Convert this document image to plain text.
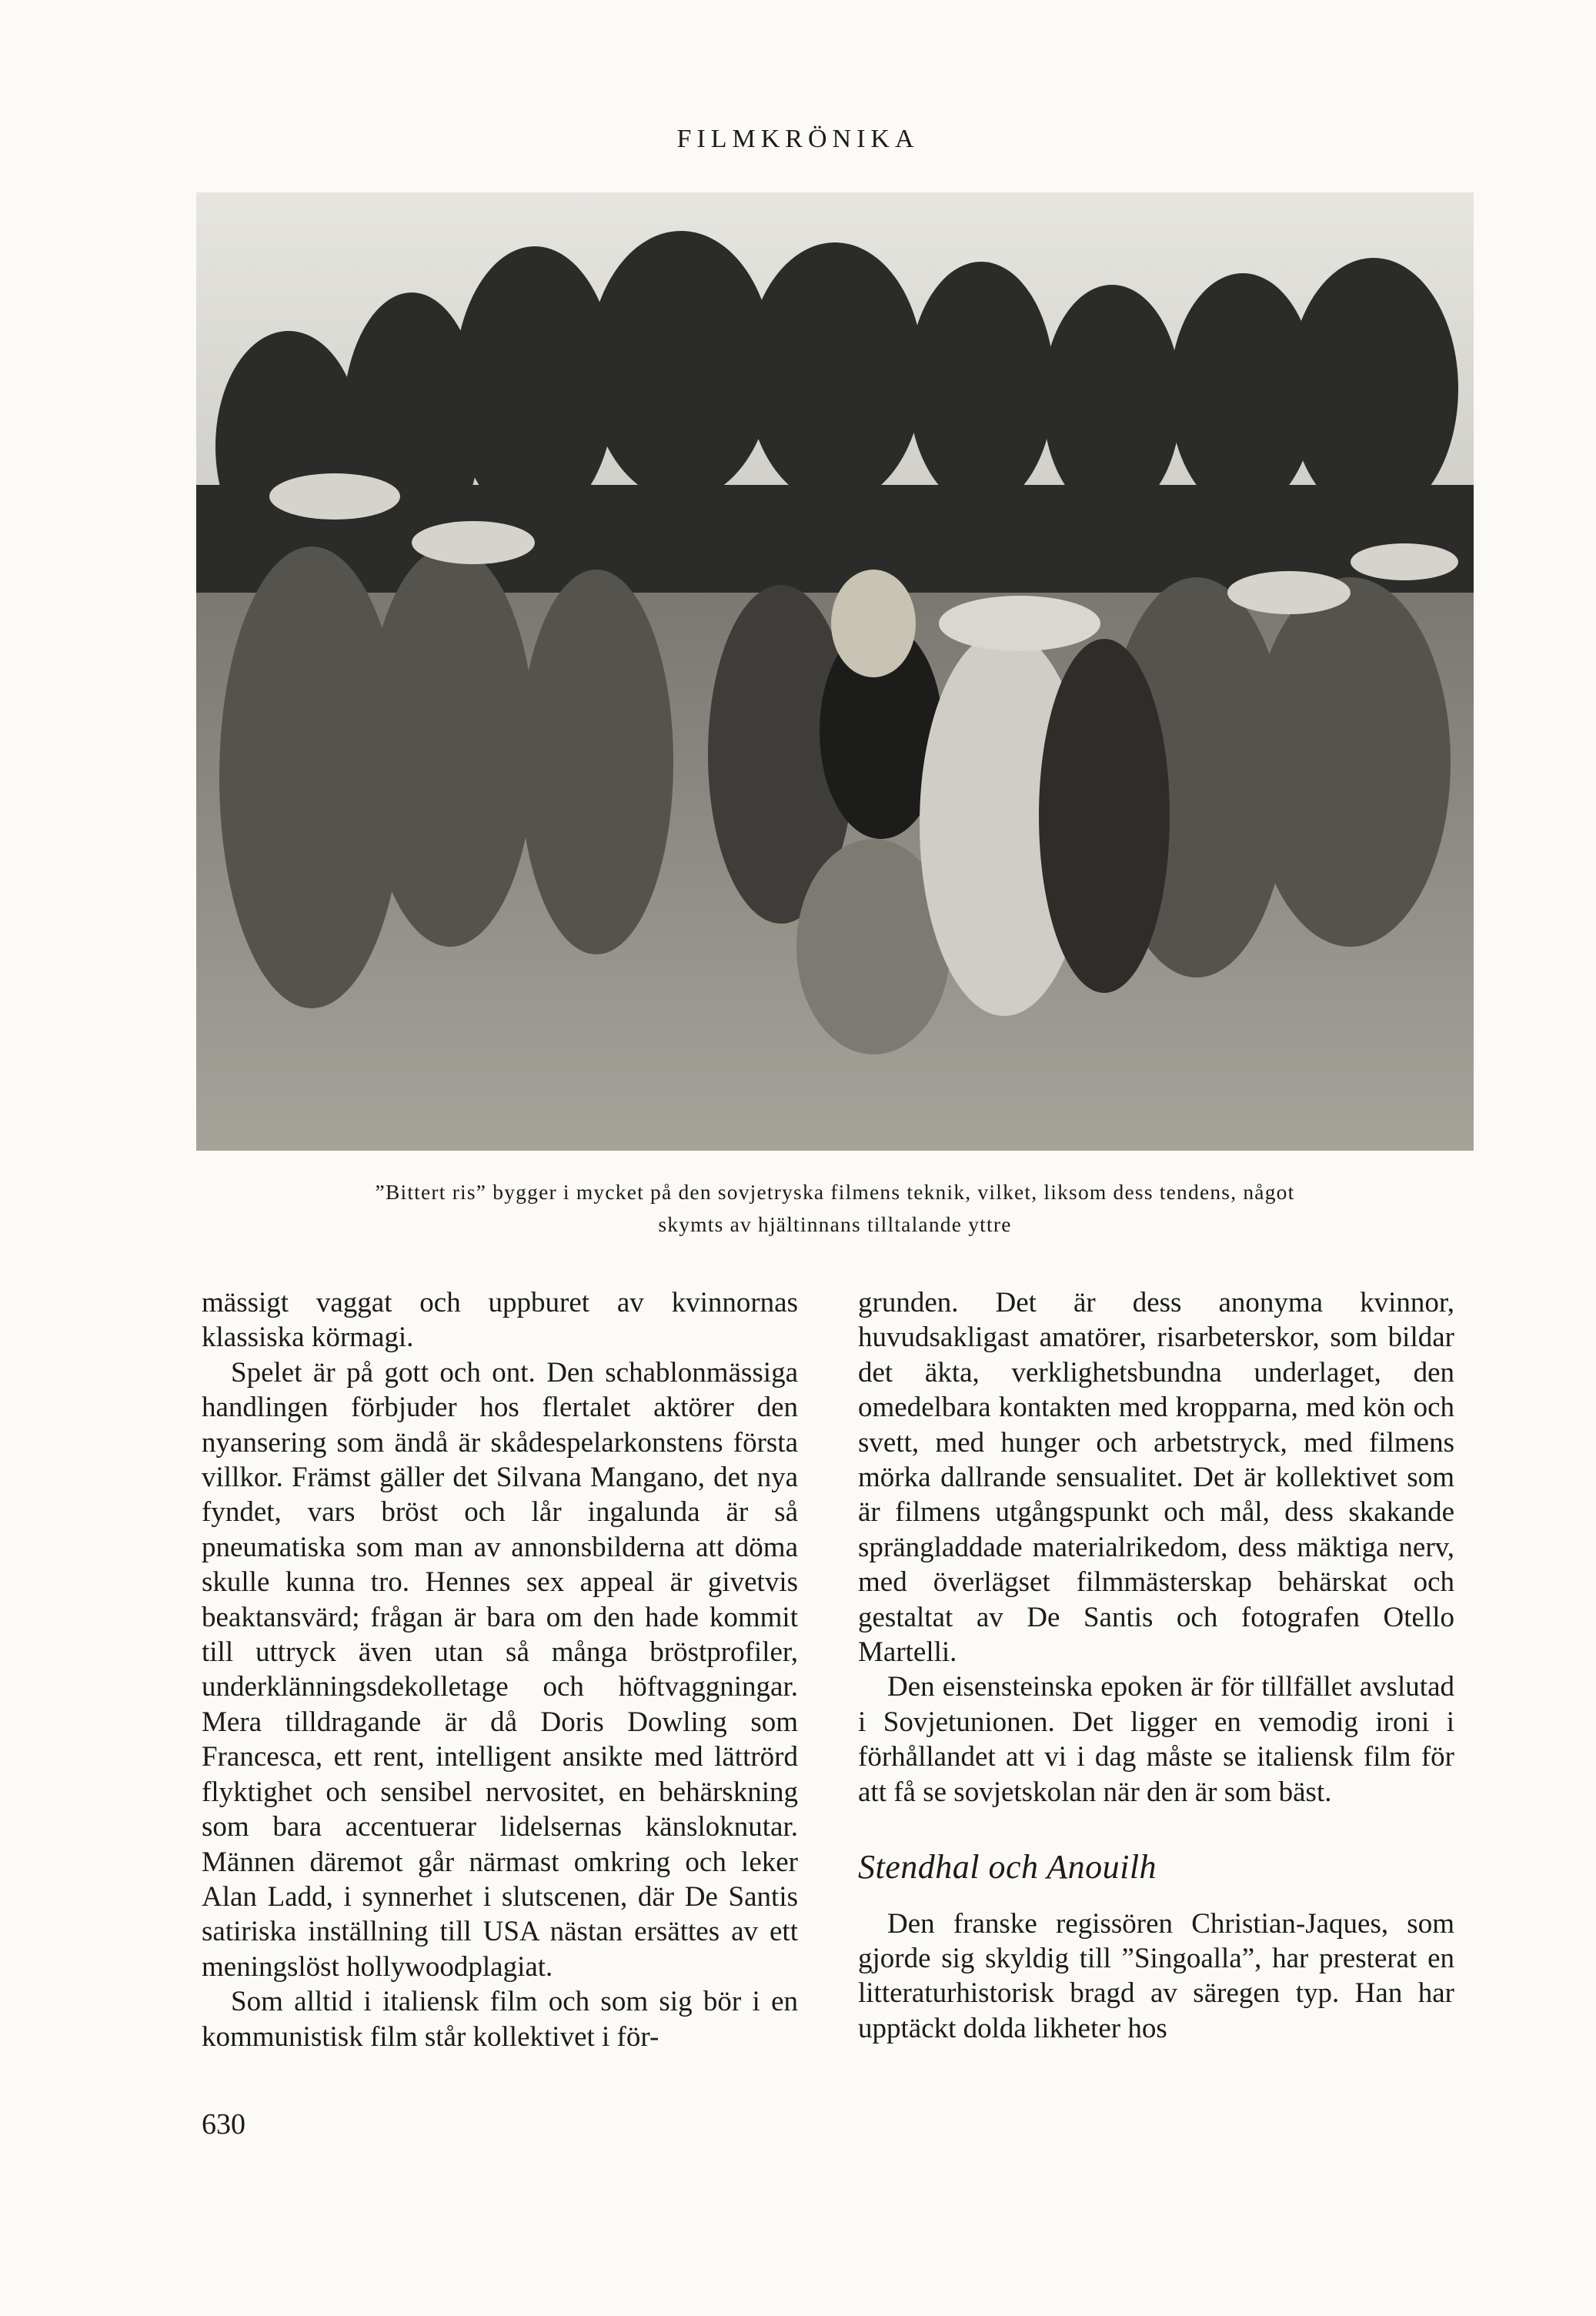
FILMKRÖNIKA

”Bittert ris” bygger i mycket på den sovjetryska filmens teknik, vilket, liksom dess tendens, något
skymts av hjältinnans tilltalande yttre

mässigt vaggat och uppburet av kvinnornas klassiska körmagi.

Spelet är på gott och ont. Den schablonmässiga handlingen förbjuder hos flertalet aktörer den nyansering som ändå är skådespelarkonstens första villkor. Främst gäller det Silvana Mangano, det nya fyndet, vars bröst och lår ingalunda är så pneumatiska som man av annonsbilderna att döma skulle kunna tro. Hennes sex appeal är givetvis beaktansvärd; frågan är bara om den hade kommit till uttryck även utan så många bröstprofiler, underklänningsdekolletage och höftvaggningar. Mera tilldragande är då Doris Dowling som Francesca, ett rent, intelligent ansikte med lättrörd flyktighet och sensibel nervositet, en behärskning som bara accentuerar lidelsernas känsloknutar. Männen däremot går närmast omkring och leker Alan Ladd, i synnerhet i slutscenen, där De Santis satiriska inställning till USA nästan ersättes av ett meningslöst hollywoodplagiat.

Som alltid i italiensk film och som sig bör i en kommunistisk film står kollektivet i för-

grunden. Det är dess anonyma kvinnor, huvudsakligast amatörer, risarbeterskor, som bildar det äkta, verklighetsbundna underlaget, den omedelbara kontakten med kropparna, med kön och svett, med hunger och arbetstryck, med filmens mörka dallrande sensualitet. Det är kollektivet som är filmens utgångspunkt och mål, dess skakande sprängladdade materialrikedom, dess mäktiga nerv, med överlägset filmmästerskap behärskat och gestaltat av De Santis och fotografen Otello Martelli.

Den eisensteinska epoken är för tillfället avslutad i Sovjetunionen. Det ligger en vemodig ironi i förhållandet att vi i dag måste se italiensk film för att få se sovjetskolan när den är som bäst.

Stendhal och Anouilh

Den franske regissören Christian-Jaques, som gjorde sig skyldig till ”Singoalla”, har presterat en litteraturhistorisk bragd av säregen typ. Han har upptäckt dolda likheter hos

630
